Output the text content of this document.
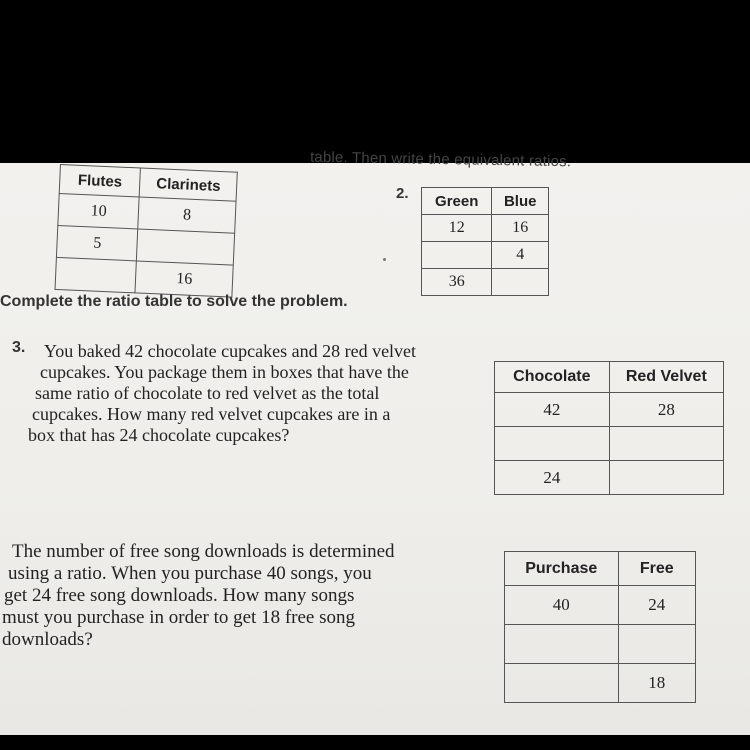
table. Then write the equivalent ratios.
Flutes	Clarinets
10	8
5	
	16
2. Green	Blue
12	16
	4
36	
Complete the ratio table to solve the problem.
3.	You baked 42 chocolate cupcakes and 28 red velvet
cupcakes. You package them in boxes that have the
same ratio of chocolate to red velvet as the total
cupcakes. How many red velvet cupcakes are in a
box that has 24 chocolate cupcakes?
Chocolate	Red Velvet
42	28

24	
The number of free song downloads is determined
using a ratio. When you purchase 40 songs, you
get 24 free song downloads. How many songs
must you purchase in order to get 18 free song
downloads?
Purchase	Free
40	24

	18
